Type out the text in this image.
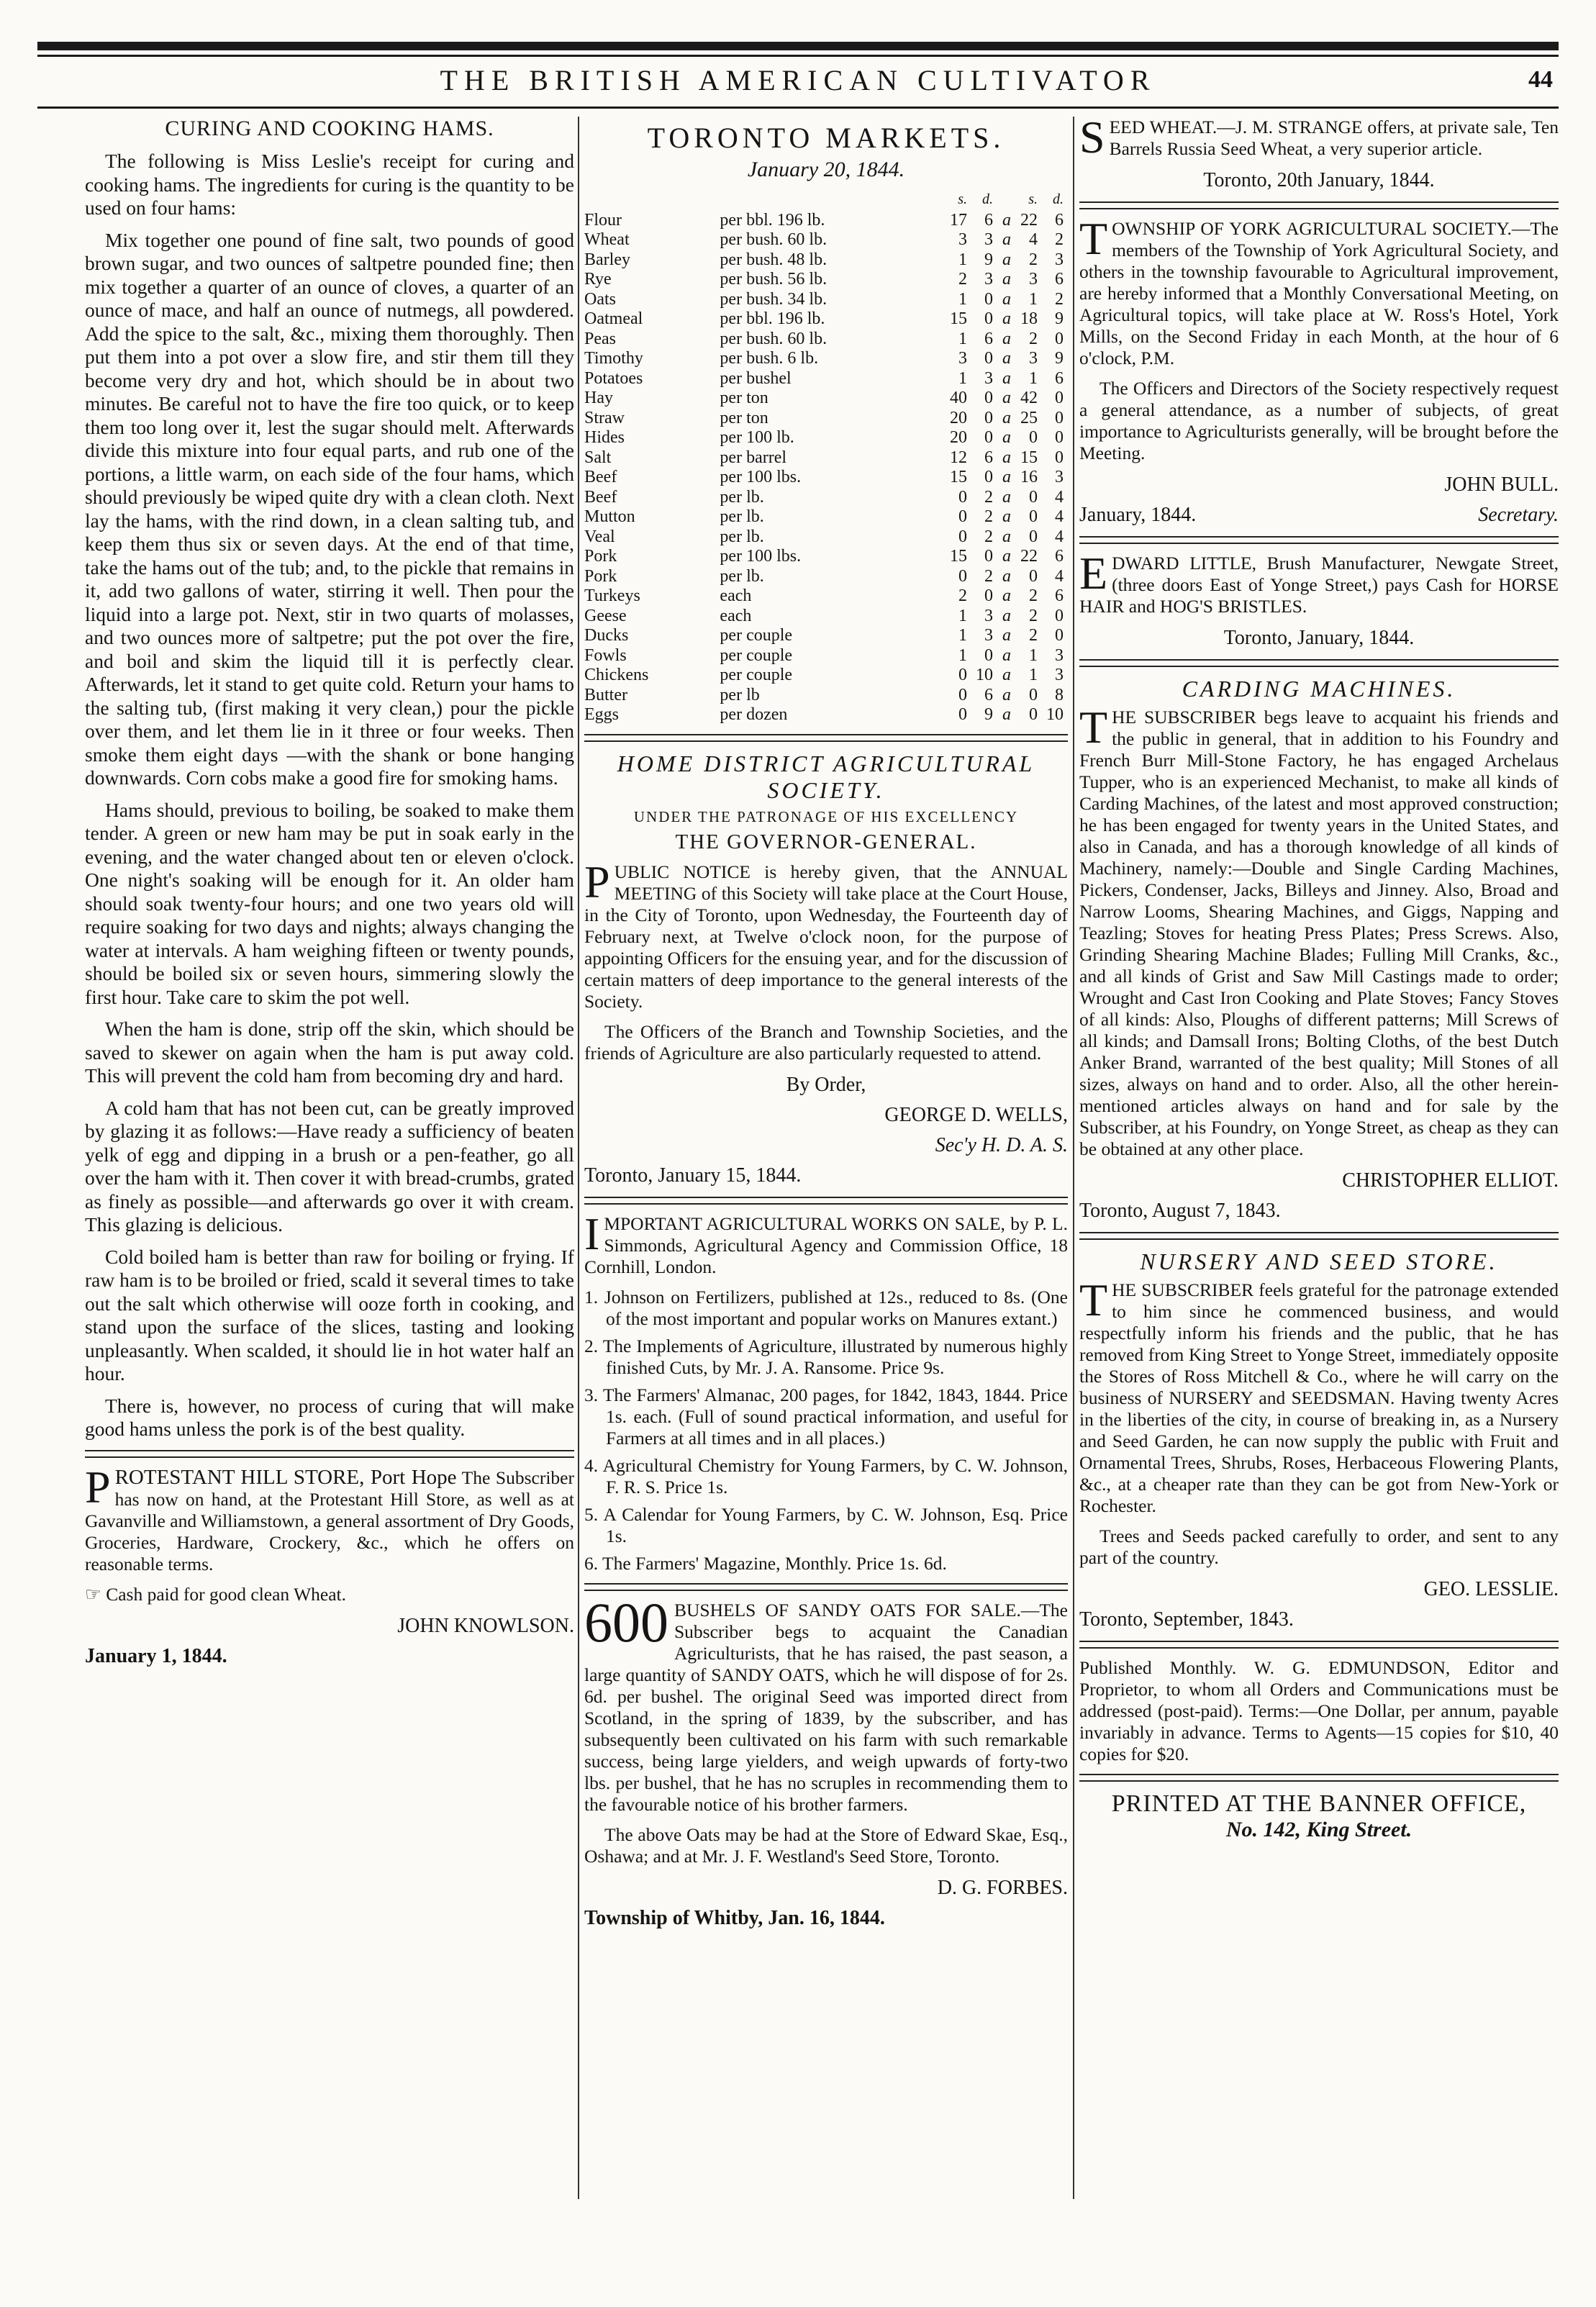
THE BRITISH AMERICAN CULTIVATOR	44
CURING AND COOKING HAMS.

The following is Miss Leslie's receipt for curing and cooking hams. The ingredients for curing is the quantity to be used on four hams:

Mix together one pound of fine salt, two pounds of good brown sugar, and two ounces of saltpetre pounded fine; then mix together a quarter of an ounce of cloves, a quarter of an ounce of mace, and half an ounce of nutmegs, all powdered. Add the spice to the salt, &c., mixing them thoroughly. Then put them into a pot over a slow fire, and stir them till they become very dry and hot, which should be in about two minutes. Be careful not to have the fire too quick, or to keep them too long over it, lest the sugar should melt. Afterwards divide this mixture into four equal parts, and rub one of the portions, a little warm, on each side of the four hams, which should previously be wiped quite dry with a clean cloth. Next lay the hams, with the rind down, in a clean salting tub, and keep them thus six or seven days. At the end of that time, take the hams out of the tub; and, to the pickle that remains in it, add two gallons of water, stirring it well. Then pour the liquid into a large pot. Next, stir in two quarts of molasses, and two ounces more of saltpetre; put the pot over the fire, and boil and skim the liquid till it is perfectly clear. Afterwards, let it stand to get quite cold. Return your hams to the salting tub, (first making it very clean,) pour the pickle over them, and let them lie in it three or four weeks. Then smoke them eight days —with the shank or bone hanging downwards. Corn cobs make a good fire for smoking hams.

Hams should, previous to boiling, be soaked to make them tender. A green or new ham may be put in soak early in the evening, and the water changed about ten or eleven o'clock. One night's soaking will be enough for it. An older ham should soak twenty-four hours; and one two years old will require soaking for two days and nights; always changing the water at intervals. A ham weighing fifteen or twenty pounds, should be boiled six or seven hours, simmering slowly the first hour. Take care to skim the pot well.

When the ham is done, strip off the skin, which should be saved to skewer on again when the ham is put away cold. This will prevent the cold ham from becoming dry and hard.

A cold ham that has not been cut, can be greatly improved by glazing it as follows:—Have ready a sufficiency of beaten yelk of egg and dipping in a brush or a pen-feather, go all over the ham with it. Then cover it with bread-crumbs, grated as finely as possible—and afterwards go over it with cream. This glazing is delicious.

Cold boiled ham is better than raw for boiling or frying. If raw ham is to be broiled or fried, scald it several times to take out the salt which otherwise will ooze forth in cooking, and stand upon the surface of the slices, tasting and looking unpleasantly. When scalded, it should lie in hot water half an hour.

There is, however, no process of curing that will make good hams unless the pork is of the best quality.

P ROTESTANT HILL STORE, Port Hope The Subscriber has now on hand, at the Protestant Hill Store, as well as at Gavanville and Williamstown, a general assortment of Dry Goods, Groceries, Hardware, Crockery, &c., which he offers on reasonable terms.

☞ Cash paid for good clean Wheat.

JOHN KNOWLSON.
January 1, 1844.
TORONTO MARKETS.
January 20, 1844.
		s.	d.		s.	d.
Flour	per bbl. 196 lb.	17	6	a	22	6
Wheat	per bush. 60 lb.	3	3	a	4	2
Barley	per bush. 48 lb.	1	9	a	2	3
Rye	per bush. 56 lb.	2	3	a	3	6
Oats	per bush. 34 lb.	1	0	a	1	2
Oatmeal	per bbl. 196 lb.	15	0	a	18	9
Peas	per bush. 60 lb.	1	6	a	2	0
Timothy	per bush. 6 lb.	3	0	a	3	9
Potatoes	per bushel	1	3	a	1	6
Hay	per ton	40	0	a	42	0
Straw	per ton	20	0	a	25	0
Hides	per 100 lb.	20	0	a	0	0
Salt	per barrel	12	6	a	15	0
Beef	per 100 lbs.	15	0	a	16	3
Beef	per lb.	0	2	a	0	4
Mutton	per lb.	0	2	a	0	4
Veal	per lb.	0	2	a	0	4
Pork	per 100 lbs.	15	0	a	22	6
Pork	per lb.	0	2	a	0	4
Turkeys	each	2	0	a	2	6
Geese	each	1	3	a	2	0
Ducks	per couple	1	3	a	2	0
Fowls	per couple	1	0	a	1	3
Chickens	per couple	0	10	a	1	3
Butter	per lb	0	6	a	0	8
Eggs	per dozen	0	9	a	0	10
HOME DISTRICT AGRICULTURAL SOCIETY.
UNDER THE PATRONAGE OF HIS EXCELLENCY
THE GOVERNOR-GENERAL.

P UBLIC NOTICE is hereby given, that the ANNUAL MEETING of this Society will take place at the Court House, in the City of Toronto, upon Wednesday, the Fourteenth day of February next, at Twelve o'clock noon, for the purpose of appointing Officers for the ensuing year, and for the discussion of certain matters of deep importance to the general interests of the Society.

The Officers of the Branch and Township Societies, and the friends of Agriculture are also particularly requested to attend.

By Order,
GEORGE D. WELLS,
Sec'y H. D. A. S.
Toronto, January 15, 1844.

I MPORTANT AGRICULTURAL WORKS ON SALE, by P. L. Simmonds, Agricultural Agency and Commission Office, 18 Cornhill, London.

1. Johnson on Fertilizers, published at 12s., reduced to 8s. (One of the most important and popular works on Manures extant.)
2. The Implements of Agriculture, illustrated by numerous highly finished Cuts, by Mr. J. A. Ransome. Price 9s.
3. The Farmers' Almanac, 200 pages, for 1842, 1843, 1844. Price 1s. each. (Full of sound practical information, and useful for Farmers at all times and in all places.)
4. Agricultural Chemistry for Young Farmers, by C. W. Johnson, F. R. S. Price 1s.
5. A Calendar for Young Farmers, by C. W. Johnson, Esq. Price 1s.
6. The Farmers' Magazine, Monthly. Price 1s. 6d.

600 BUSHELS OF SANDY OATS FOR SALE.—The Subscriber begs to acquaint the Canadian Agriculturists, that he has raised, the past season, a large quantity of SANDY OATS, which he will dispose of for 2s. 6d. per bushel. The original Seed was imported direct from Scotland, in the spring of 1839, by the subscriber, and has subsequently been cultivated on his farm with such remarkable success, being large yielders, and weigh upwards of forty-two lbs. per bushel, that he has no scruples in recommending them to the favourable notice of his brother farmers.

The above Oats may be had at the Store of Edward Skae, Esq., Oshawa; and at Mr. J. F. Westland's Seed Store, Toronto.

D. G. FORBES.
Township of Whitby, Jan. 16, 1844.

S EED WHEAT.—J. M. STRANGE offers, at private sale, Ten Barrels Russia Seed Wheat, a very superior article.

Toronto, 20th January, 1844.

T OWNSHIP OF YORK AGRICULTURAL SOCIETY.—The members of the Township of York Agricultural Society, and others in the township favourable to Agricultural improvement, are hereby informed that a Monthly Conversational Meeting, on Agricultural topics, will take place at W. Ross's Hotel, York Mills, on the Second Friday in each Month, at the hour of 6 o'clock, P.M.

The Officers and Directors of the Society respectively request a general attendance, as a number of subjects, of great importance to Agriculturists generally, will be brought before the Meeting.

JOHN BULL.
January, 1844.	Secretary.

E DWARD LITTLE, Brush Manufacturer, Newgate Street, (three doors East of Yonge Street,) pays Cash for HORSE HAIR and HOG'S BRISTLES.

Toronto, January, 1844.
CARDING MACHINES.

T HE SUBSCRIBER begs leave to acquaint his friends and the public in general, that in addition to his Foundry and French Burr Mill-Stone Factory, he has engaged Archelaus Tupper, who is an experienced Mechanist, to make all kinds of Carding Machines, of the latest and most approved construction; he has been engaged for twenty years in the United States, and also in Canada, and has a thorough knowledge of all kinds of Machinery, namely:—Double and Single Carding Machines, Pickers, Condenser, Jacks, Billeys and Jinney. Also, Broad and Narrow Looms, Shearing Machines, and Giggs, Napping and Teazling; Stoves for heating Press Plates; Press Screws. Also, Grinding Shearing Machine Blades; Fulling Mill Cranks, &c., and all kinds of Grist and Saw Mill Castings made to order; Wrought and Cast Iron Cooking and Plate Stoves; Fancy Stoves of all kinds: Also, Ploughs of different patterns; Mill Screws of all kinds; and Damsall Irons; Bolting Cloths, of the best Dutch Anker Brand, warranted of the best quality; Mill Stones of all sizes, always on hand and to order. Also, all the other herein-mentioned articles always on hand and for sale by the Subscriber, at his Foundry, on Yonge Street, as cheap as they can be obtained at any other place.

CHRISTOPHER ELLIOT.
Toronto, August 7, 1843.
NURSERY AND SEED STORE.

T HE SUBSCRIBER feels grateful for the patronage extended to him since he commenced business, and would respectfully inform his friends and the public, that he has removed from King Street to Yonge Street, immediately opposite the Stores of Ross Mitchell & Co., where he will carry on the business of NURSERY and SEEDSMAN. Having twenty Acres in the liberties of the city, in course of breaking in, as a Nursery and Seed Garden, he can now supply the public with Fruit and Ornamental Trees, Shrubs, Roses, Herbaceous Flowering Plants, &c., at a cheaper rate than they can be got from New-York or Rochester.

Trees and Seeds packed carefully to order, and sent to any part of the country.

GEO. LESSLIE.
Toronto, September, 1843.

Published Monthly. W. G. EDMUNDSON, Editor and Proprietor, to whom all Orders and Communications must be addressed (post-paid). Terms:—One Dollar, per annum, payable invariably in advance. Terms to Agents—15 copies for $10, 40 copies for $20.

PRINTED AT THE BANNER OFFICE,
No. 142, King Street.
